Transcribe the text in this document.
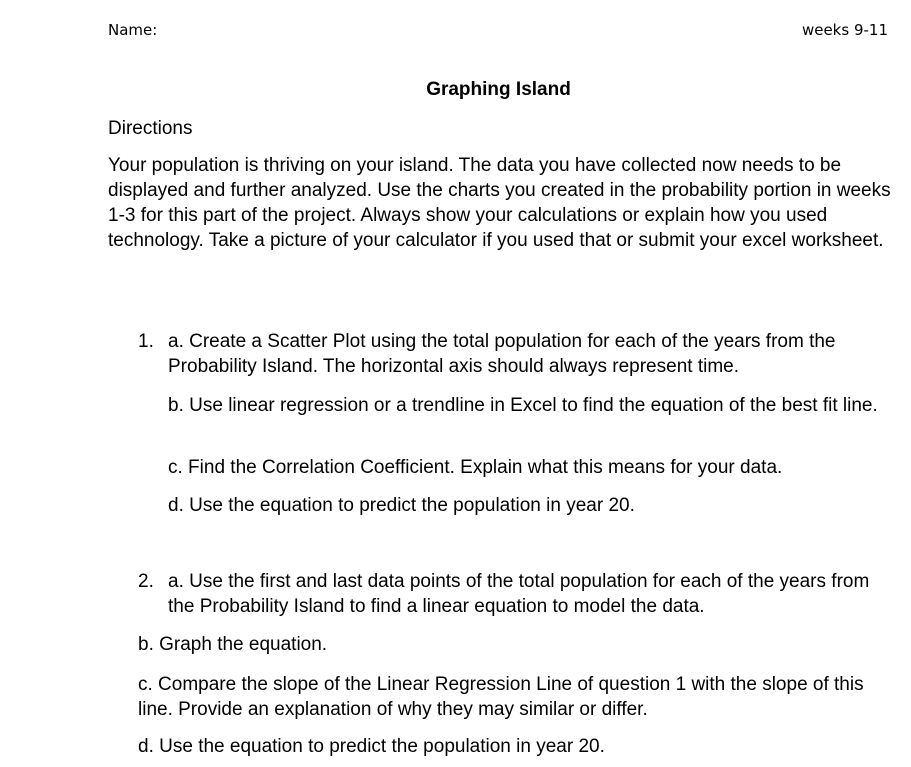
Name:	weeks 9-11
Graphing Island
Directions
Your population is thriving on your island. The data you have collected now needs to be displayed and further analyzed. Use the charts you created in the probability portion in weeks 1-3 for this part of the project. Always show your calculations or explain how you used technology. Take a picture of your calculator if you used that or submit your excel worksheet.
1. a. Create a Scatter Plot using the total population for each of the years from the Probability Island. The horizontal axis should always represent time.
b. Use linear regression or a trendline in Excel to find the equation of the best fit line.
c. Find the Correlation Coefficient. Explain what this means for your data.
d. Use the equation to predict the population in year 20.
2. a. Use the first and last data points of the total population for each of the years from the Probability Island to find a linear equation to model the data.
b. Graph the equation.
c. Compare the slope of the Linear Regression Line of question 1 with the slope of this line. Provide an explanation of why they may similar or differ.
d. Use the equation to predict the population in year 20.
